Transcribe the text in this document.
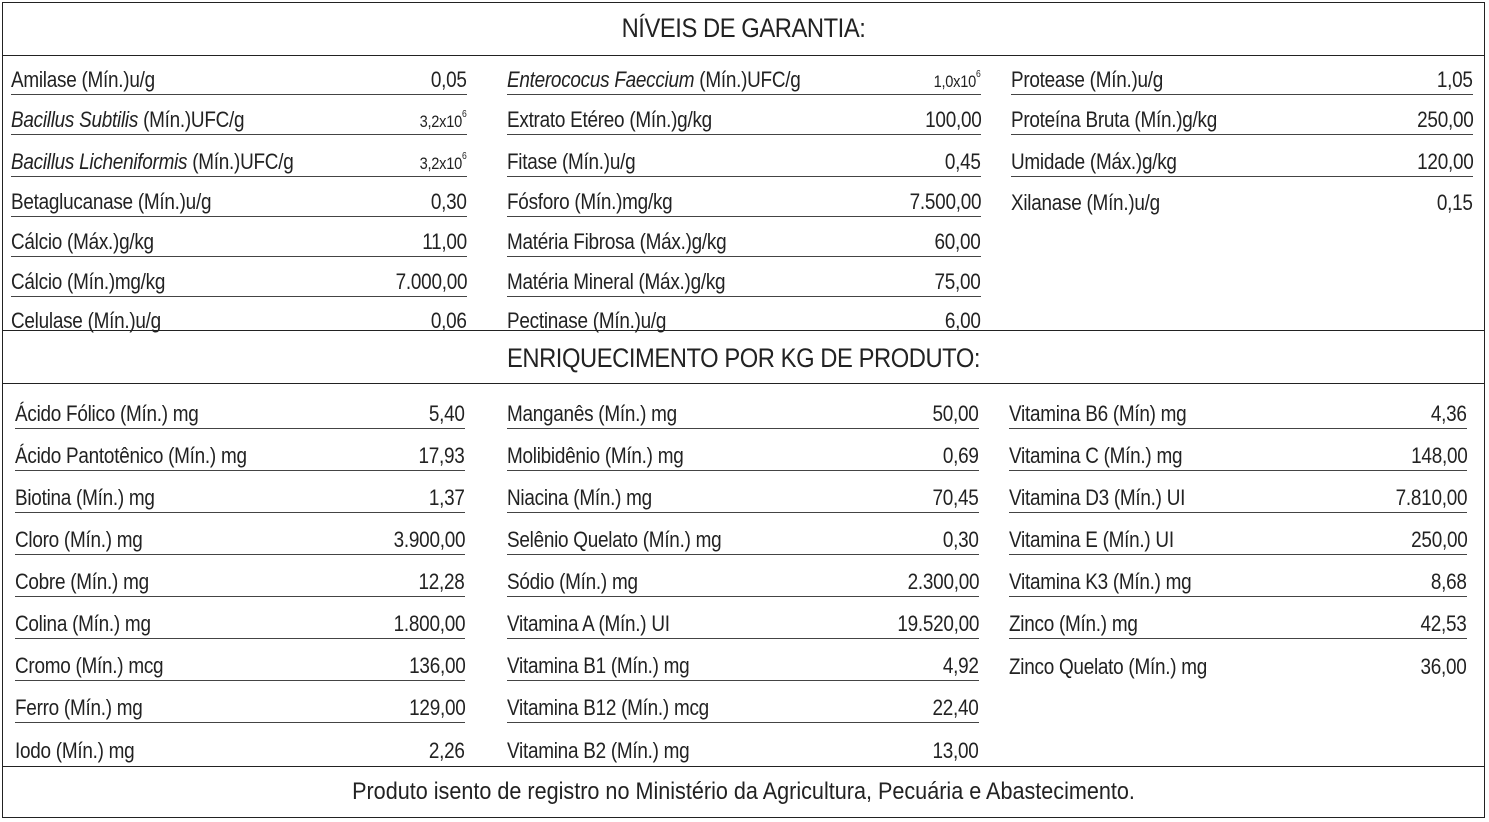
NÍVEIS DE GARANTIA:
Amilase (Mín.)u/g	0,05
Bacillus Subtilis (Mín.)UFC/g	$3,2x10^6$
Bacillus Licheniformis (Mín.)UFC/g	$3,2x10^6$
Betaglucanase (Mín.)u/g	0,30
Cálcio (Máx.)g/kg	11,00
Cálcio (Mín.)mg/kg	7.000,00
Celulase (Mín.)u/g	0,06
Enterococus Faeccium (Mín.)UFC/g	$1,0x10^6$
Extrato Etéreo (Mín.)g/kg	100,00
Fitase (Mín.)u/g	0,45
Fósforo (Mín.)mg/kg	7.500,00
Matéria Fibrosa (Máx.)g/kg	60,00
Matéria Mineral (Máx.)g/kg	75,00
Pectinase (Mín.)u/g	6,00
Protease (Mín.)u/g	1,05
Proteína Bruta (Mín.)g/kg	250,00
Umidade (Máx.)g/kg	120,00
Xilanase (Mín.)u/g	0,15
ENRIQUECIMENTO POR KG DE PRODUTO:
Ácido Fólico (Mín.) mg	5,40
Ácido Pantotênico (Mín.) mg	17,93
Biotina (Mín.) mg	1,37
Cloro (Mín.) mg	3.900,00
Cobre (Mín.) mg	12,28
Colina (Mín.) mg	1.800,00
Cromo (Mín.) mcg	136,00
Ferro (Mín.) mg	129,00
Iodo (Mín.) mg	2,26
Manganês (Mín.) mg	50,00
Molibidênio (Mín.) mg	0,69
Niacina (Mín.) mg	70,45
Selênio Quelato (Mín.) mg	0,30
Sódio (Mín.) mg	2.300,00
Vitamina A (Mín.) UI	19.520,00
Vitamina B1 (Mín.) mg	4,92
Vitamina B12 (Mín.) mcg	22,40
Vitamina B2 (Mín.) mg	13,00
Vitamina B6 (Mín) mg	4,36
Vitamina C (Mín.) mg	148,00
Vitamina D3 (Mín.) UI	7.810,00
Vitamina E (Mín.) UI	250,00
Vitamina K3 (Mín.) mg	8,68
Zinco (Mín.) mg	42,53
Zinco Quelato (Mín.) mg	36,00
Produto isento de registro no Ministério da Agricultura, Pecuária e Abastecimento.
